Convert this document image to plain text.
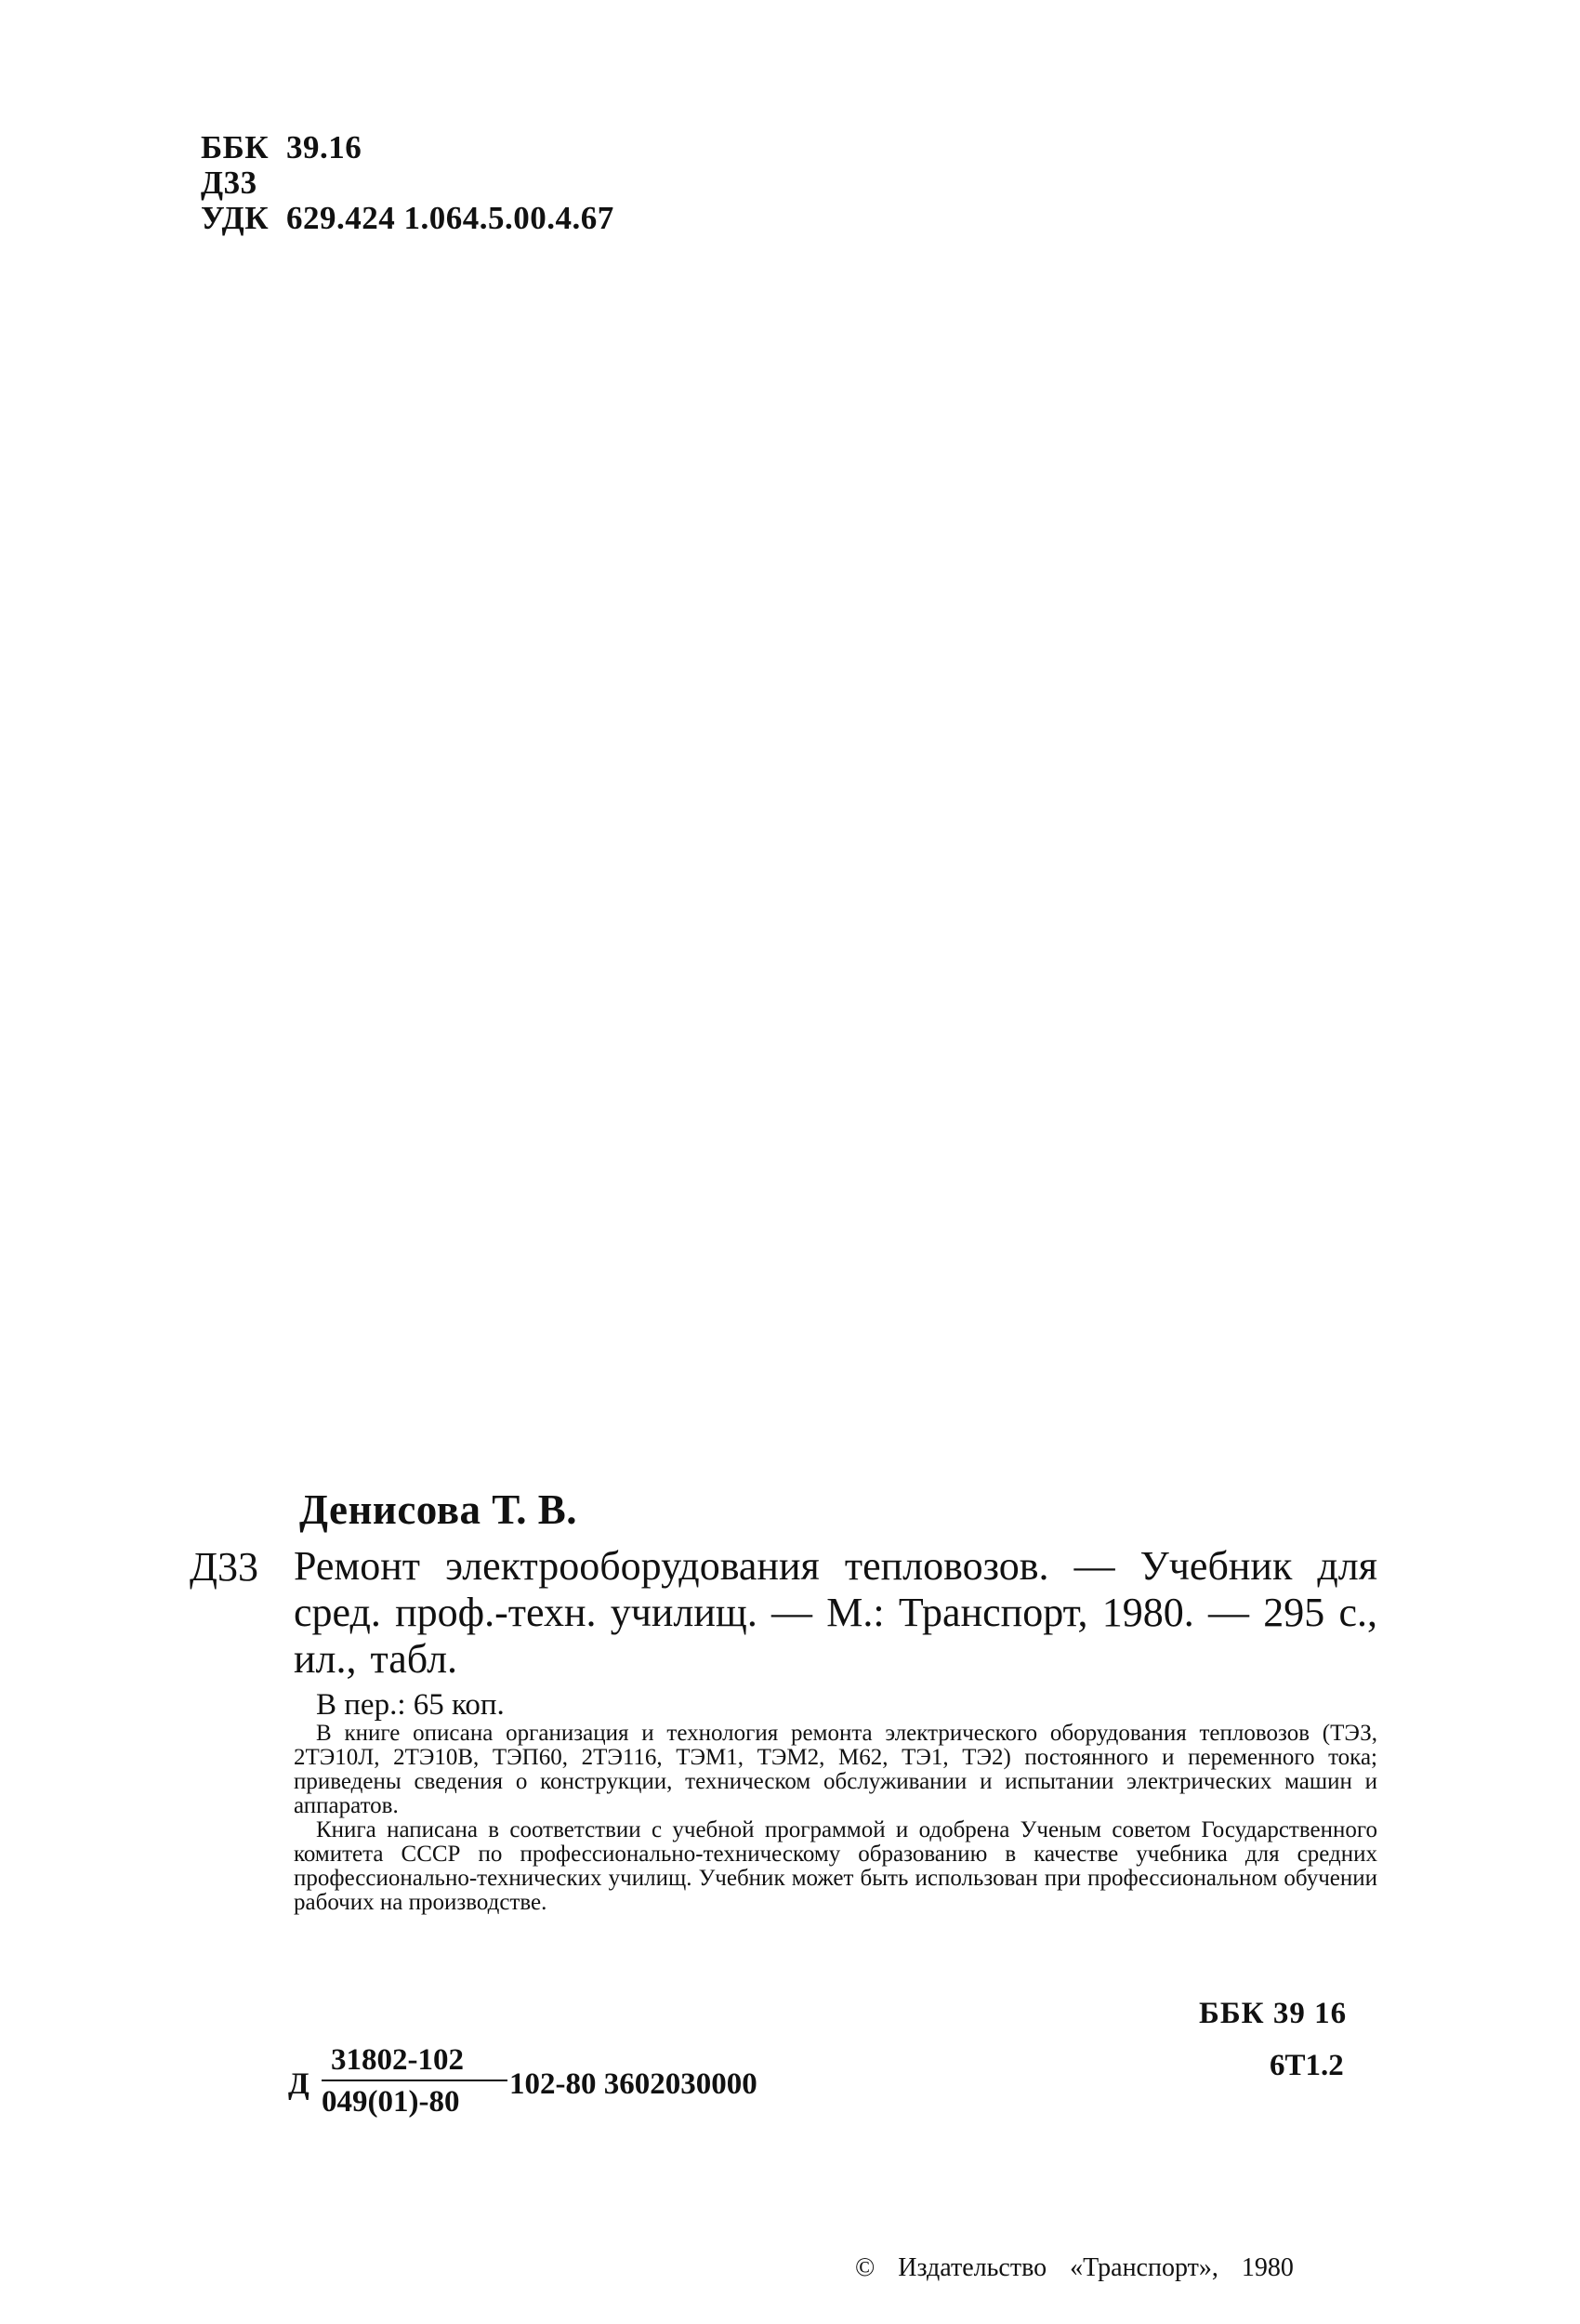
ББК 39.16
Д33
УДК 629.424 1.064.5.00.4.67
Денисова Т. В.
Д33 Ремонт электрооборудования тепловозов. — Учебник для сред. проф.-техн. училищ. — М.: Транспорт, 1980. — 295 с., ил., табл.
В пер.: 65 коп.

В книге описана организация и технология ремонта электрического оборудования тепловозов (ТЭЗ, 2ТЭ10Л, 2ТЭ10В, ТЭП60, 2ТЭ116, ТЭМ1, ТЭМ2, М62, ТЭ1, ТЭ2) постоянного и переменного тока; приведены сведения о конструкции, техническом обслуживании и испытании электрических машин и аппаратов.

Книга написана в соответствии с учебной программой и одобрена Ученым советом Государственного комитета СССР по профессионально-техническому образованию в качестве учебника для средних профессионально-технических училищ. Учебник может быть использован при профессиональном обучении рабочих на производстве.

ББК 39 16
6Т1.2
Д
31802-102
049(01)-80
102-80 3602030000
© Издательство «Транспорт», 1980
